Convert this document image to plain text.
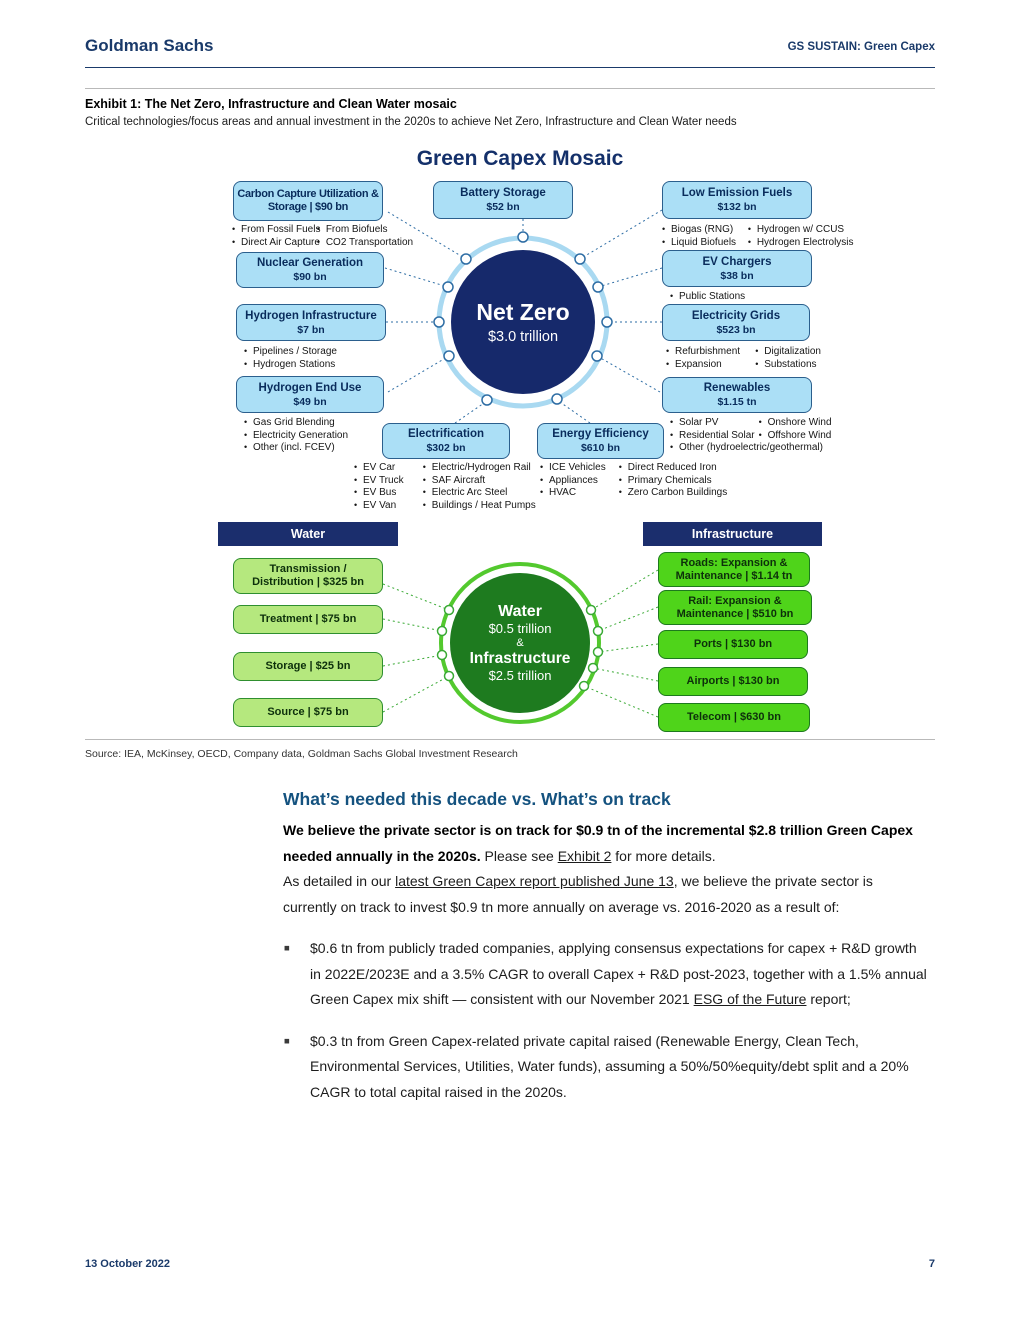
Goldman Sachs	GS SUSTAIN: Green Capex
Exhibit 1: The Net Zero, Infrastructure and Clean Water mosaic
Critical technologies/focus areas and annual investment in the 2020s to achieve Net Zero, Infrastructure and Clean Water needs
Green Capex Mosaic
Net Zero
$3.0 trillion
Carbon Capture Utilization & Storage | $90 bn
• From Fossil Fuels • From Biofuels
• Direct Air Capture • CO2 Transportation
Battery Storage
$52 bn
Low Emission Fuels
$132 bn
• Biogas (RNG)	• Hydrogen w/ CCUS
• Liquid Biofuels	• Hydrogen Electrolysis
Nuclear Generation
$90 bn
EV Chargers
$38 bn
• Public Stations
Hydrogen Infrastructure
$7 bn
• Pipelines / Storage
• Hydrogen Stations
Electricity Grids
$523 bn
• Refurbishment	• Digitalization
• Expansion	• Substations
Hydrogen End Use
$49 bn
• Gas Grid Blending
• Electricity Generation
• Other (incl. FCEV)
Renewables
$1.15 tn
• Solar PV	• Onshore Wind
• Residential Solar	• Offshore Wind
• Other (hydroelectric/geothermal)
Electrification
$302 bn
• EV Car	• Electric/Hydrogen Rail
• EV Truck	• SAF Aircraft
• EV Bus	• Electric Arc Steel
• EV Van	• Buildings / Heat Pumps
Energy Efficiency
$610 bn
• ICE Vehicles	• Direct Reduced Iron
• Appliances	• Primary Chemicals
• HVAC	• Zero Carbon Buildings
Water	Infrastructure
Water
$0.5 trillion
&
Infrastructure
$2.5 trillion
Transmission / Distribution | $325 bn
Treatment | $75 bn
Storage | $25 bn
Source | $75 bn
Roads: Expansion & Maintenance | $1.14 tn
Rail: Expansion & Maintenance | $510 bn
Ports | $130 bn
Airports | $130 bn
Telecom | $630 bn
Source: IEA, McKinsey, OECD, Company data, Goldman Sachs Global Investment Research
What’s needed this decade vs. What’s on track

We believe the private sector is on track for $0.9 tn of the incremental $2.8 trillion Green Capex needed annually in the 2020s. Please see Exhibit 2 for more details.

As detailed in our latest Green Capex report published June 13, we believe the private sector is currently on track to invest $0.9 tn more annually on average vs. 2016-2020 as a result of:

■ $0.6 tn from publicly traded companies, applying consensus expectations for capex + R&D growth in 2022E/2023E and a 3.5% CAGR to overall Capex + R&D post-2023, together with a 1.5% annual Green Capex mix shift — consistent with our November 2021 ESG of the Future report;
■ $0.3 tn from Green Capex-related private capital raised (Renewable Energy, Clean Tech, Environmental Services, Utilities, Water funds), assuming a 50%/50%equity/debt split and a 20% CAGR to total capital raised in the 2020s.
13 October 2022	7
